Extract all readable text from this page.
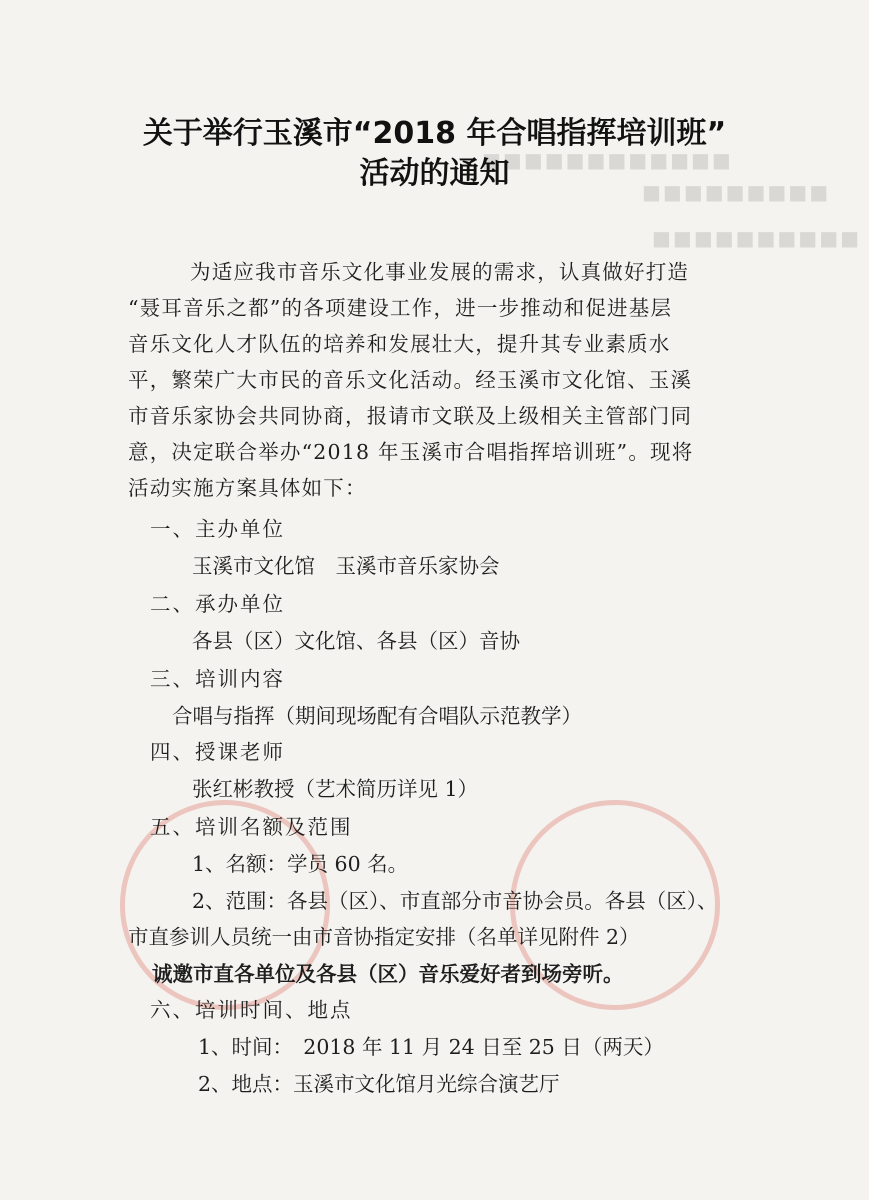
■■■■■■■■■■■■
■■■■■■■■■
■■■■■■■■■■
关于举行玉溪市“2018 年合唱指挥培训班”
活动的通知
为适应我市音乐文化事业发展的需求，认真做好打造
“聂耳音乐之都”的各项建设工作，进一步推动和促进基层
音乐文化人才队伍的培养和发展壮大，提升其专业素质水
平，繁荣广大市民的音乐文化活动。经玉溪市文化馆、玉溪
市音乐家协会共同协商，报请市文联及上级相关主管部门同
意，决定联合举办“2018 年玉溪市合唱指挥培训班”。现将
活动实施方案具体如下：
一、主办单位
玉溪市文化馆　玉溪市音乐家协会
二、承办单位
各县（区）文化馆、各县（区）音协
三、培训内容
合唱与指挥（期间现场配有合唱队示范教学）
四、授课老师
张红彬教授（艺术简历详见 1）
五、培训名额及范围
1、名额：学员 60 名。
2、范围：各县（区）、市直部分市音协会员。各县（区）、
市直参训人员统一由市音协指定安排（名单详见附件 2）
诚邀市直各单位及各县（区）音乐爱好者到场旁听。
六、培训时间、地点
1、时间：　2018 年 11 月 24 日至 25 日（两天）
2、地点：玉溪市文化馆月光综合演艺厅
